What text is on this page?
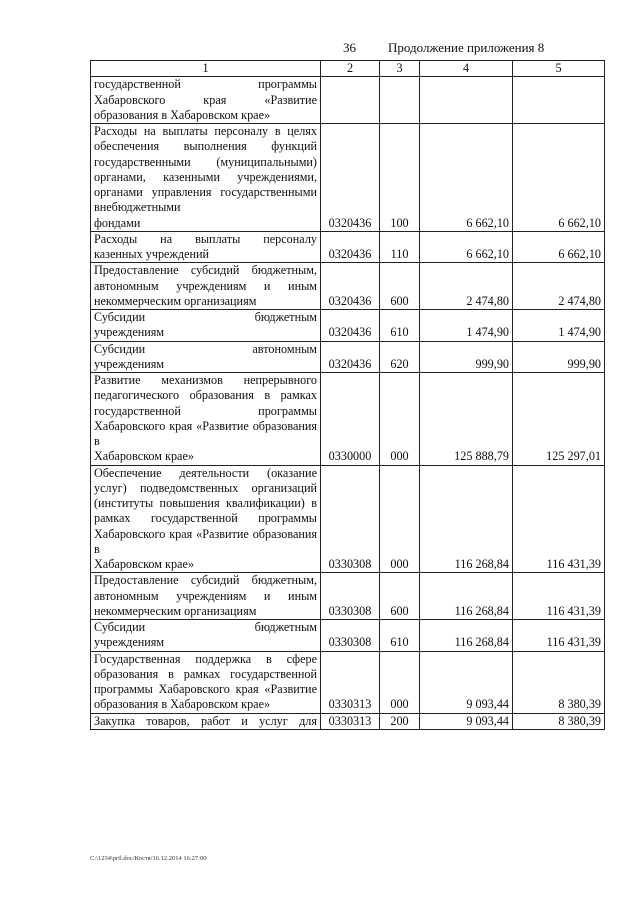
36 Продолжение приложения 8
1	2	3	4	5
государственной программы Хабаровского края «Развитие
образования в Хабаровском крае»				

Расходы на выплаты персоналу в целях обеспечения выполнения функций государственными (муниципальными) органами, казенными учреждениями, органами управления государственными внебюджетными
фондами	0320436	100	6 662,10	6 662,10
Расходы на выплаты персоналу
казенных учреждений	0320436	110	6 662,10	6 662,10
Предоставление субсидий бюджетным, автономным учреждениям и иным
некоммерческим организациям	0320436	600	2 474,80	2 474,80
Субсидии бюджетным
учреждениям	0320436	610	1 474,90	1 474,90
Субсидии автономным
учреждениям	0320436	620	999,90	999,90
Развитие механизмов непрерывного педагогического образования в рамках государственной программы Хабаровского края «Развитие образования в
Хабаровском крае»	0330000	000	125 888,79	125 297,01
Обеспечение деятельности (оказание услуг) подведомственных организаций (институты повышения квалификации) в рамках государственной программы Хабаровского края «Развитие образования в
Хабаровском крае»	0330308	000	116 268,84	116 431,39
Предоставление субсидий бюджетным, автономным учреждениям и иным
некоммерческим организациям	0330308	600	116 268,84	116 431,39
Субсидии бюджетным
учреждениям	0330308	610	116 268,84	116 431,39
Государственная поддержка в сфере образования в рамках государственной программы Хабаровского края «Развитие
образования в Хабаровском крае»	0330313	000	9 093,44	8 380,39
Закупка товаров, работ и услуг для	0330313	200	9 093,44	8 380,39
C:\1234\pril.doc/Костя/16.12.2014 16:27:00
